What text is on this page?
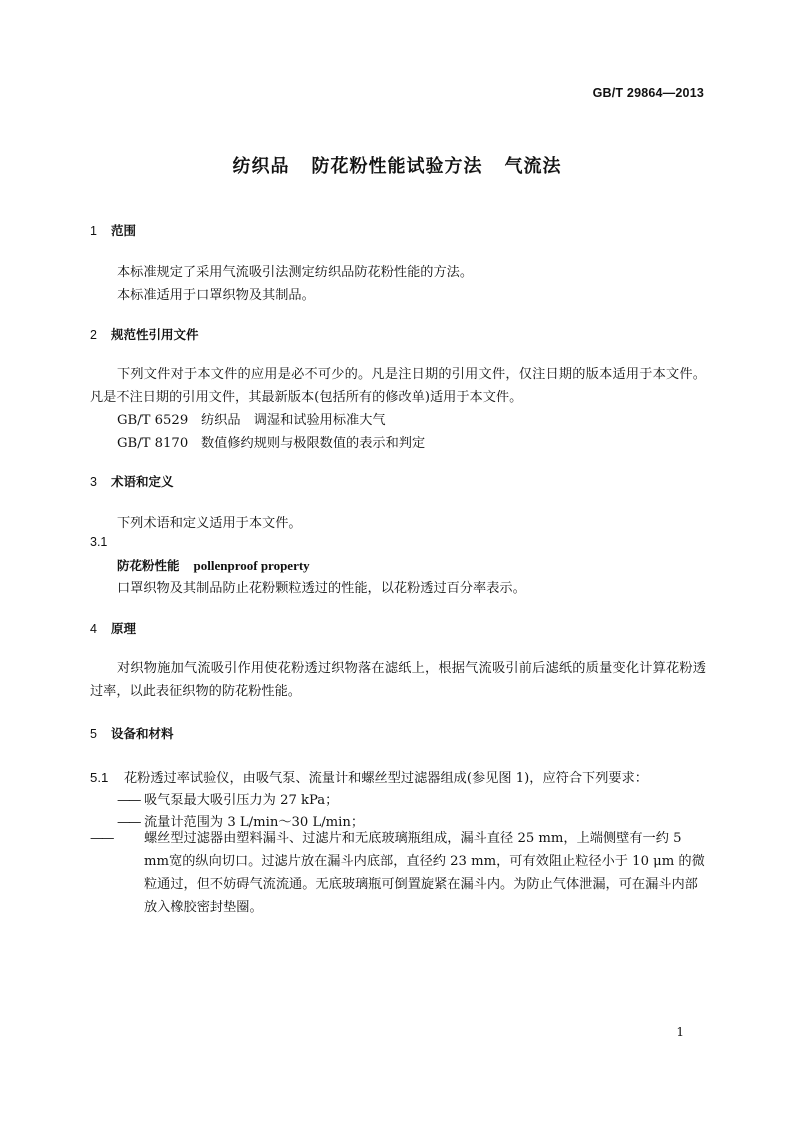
GB/T 29864—2013
纺织品 防花粉性能试验方法 气流法
1 范围
本标准规定了采用气流吸引法测定纺织品防花粉性能的方法。
本标准适用于口罩织物及其制品。
2 规范性引用文件
下列文件对于本文件的应用是必不可少的。凡是注日期的引用文件，仅注日期的版本适用于本文件。凡是不注日期的引用文件，其最新版本(包括所有的修改单)适用于本文件。
GB/T 6529 纺织品　调湿和试验用标准大气
GB/T 8170 数值修约规则与极限数值的表示和判定
3 术语和定义
下列术语和定义适用于本文件。
3.1
防花粉性能 pollenproof property
口罩织物及其制品防止花粉颗粒透过的性能，以花粉透过百分率表示。
4 原理
对织物施加气流吸引作用使花粉透过织物落在滤纸上，根据气流吸引前后滤纸的质量变化计算花粉透过率，以此表征织物的防花粉性能。
5 设备和材料
5.1 花粉透过率试验仪，由吸气泵、流量计和螺丝型过滤器组成(参见图 1)，应符合下列要求：
—— 吸气泵最大吸引压力为 27 kPa；
—— 流量计范围为 3 L/min～30 L/min；
—— 螺丝型过滤器由塑料漏斗、过滤片和无底玻璃瓶组成，漏斗直径 25 mm，上端侧壁有一约 5 mm宽的纵向切口。过滤片放在漏斗内底部，直径约 23 mm，可有效阻止粒径小于 10 μm 的微粒通过，但不妨碍气流流通。无底玻璃瓶可倒置旋紧在漏斗内。为防止气体泄漏，可在漏斗内部放入橡胶密封垫圈。
1
